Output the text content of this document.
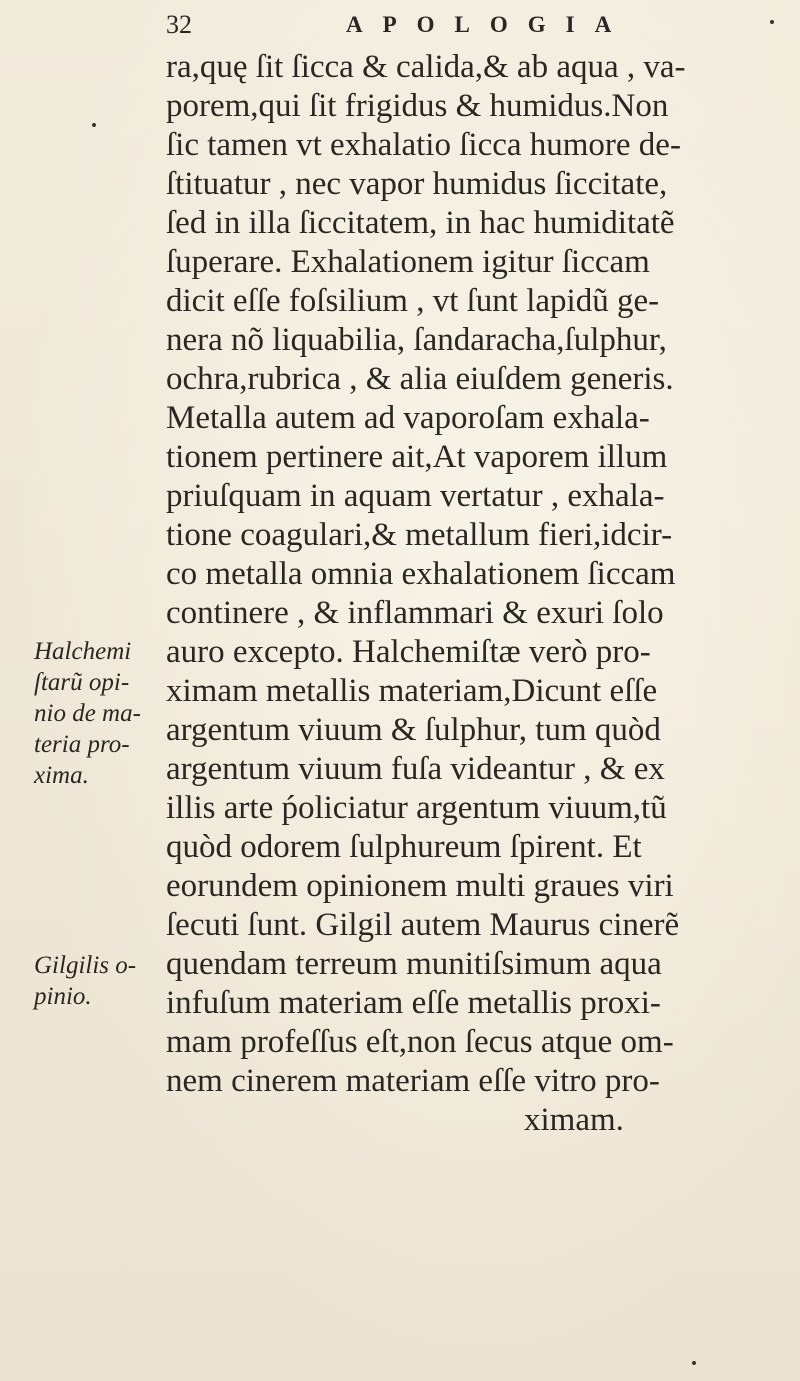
32	APOLOGIA
ra,quę ſit ſicca & calida,& ab aqua , va-
porem,qui ſit frigidus & humidus.Non
ſic tamen vt exhalatio ſicca humore de-
ſtituatur , nec vapor humidus ſiccitate,
ſed in illa ſiccitatem, in hac humiditatẽ
ſuperare. Exhalationem igitur ſiccam
dicit eſſe foſsilium , vt ſunt lapidũ ge-
nera nõ liquabilia, ſandaracha,ſulphur,
ochra,rubrica , & alia eiuſdem generis.
Metalla autem ad vaporoſam exhala-
tionem pertinere ait,At vaporem illum
priuſquam in aquam vertatur , exhala-
tione coagulari,& metallum fieri,idcir-
co metalla omnia exhalationem ſiccam
continere , & inflammari & exuri ſolo
auro excepto. Halchemiſtæ verò pro-
ximam metallis materiam,Dicunt eſſe
argentum viuum & ſulphur, tum quòd
argentum viuum fuſa videantur , & ex
illis arte ṕoliciatur argentum viuum,tũ
quòd odorem ſulphureum ſpirent. Et
eorundem opinionem multi graues viri
ſecuti ſunt. Gilgil autem Maurus cinerẽ
quendam terreum munitiſsimum aqua
infuſum materiam eſſe metallis proxi-
mam profeſſus eſt,non ſecus atque om-
nem cinerem materiam eſſe vitro pro-
ximam.
Halchemi
ſtarũ opi-
nio de ma-
teria pro-
xima.
Gilgilis o-
pinio.
